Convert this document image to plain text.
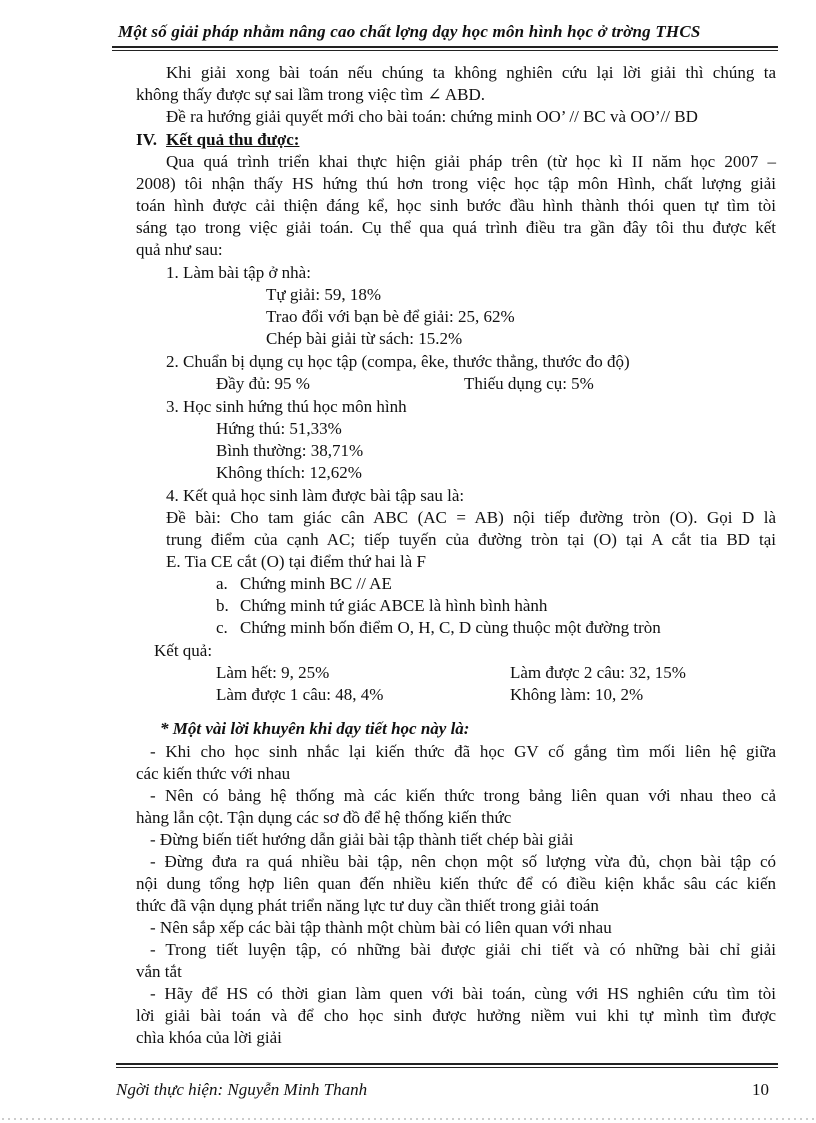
Một số giải pháp nhằm nâng cao chất lợng dạy học môn hình học ở trờng THCS
Khi giải xong bài toán nếu chúng ta không nghiên cứu lại lời giải thì chúng ta
không thấy được sự sai lầm trong việc tìm ∠ ABD.
Đề ra hướng giải quyết mới cho bài toán: chứng minh OO’ // BC và OO’// BD
IV. Kết quả thu được:
Qua quá trình triển khai thực hiện giải pháp trên (từ học kì II năm học 2007 –
2008) tôi nhận thấy HS hứng thú hơn trong việc học tập môn Hình, chất lượng giải
toán hình được cải thiện đáng kể, học sinh bước đầu hình thành thói quen tự tìm tòi
sáng tạo trong việc giải toán. Cụ thể qua quá trình điều tra gần đây tôi thu được kết
quả như sau:
1. Làm bài tập ở nhà:
Tự giải: 59, 18%
Trao đổi với bạn bè để giải: 25, 62%
Chép bài giải từ sách: 15.2%
2. Chuẩn bị dụng cụ học tập (compa, êke, thước thẳng, thước đo độ)
Đầy đủ: 95 %	Thiếu dụng cụ: 5%
3. Học sinh hứng thú học môn hình
Hứng thú: 51,33%
Bình thường: 38,71%
Không thích: 12,62%
4. Kết quả học sinh làm được bài tập sau là:
Đề bài: Cho tam giác cân ABC (AC = AB) nội tiếp đường tròn (O). Gọi D là
trung điểm của cạnh AC; tiếp tuyến của đường tròn tại (O) tại A cắt tia BD tại
E. Tia CE cắt (O) tại điểm thứ hai là F
a. Chứng minh BC // AE
b. Chứng minh tứ giác ABCE là hình bình hành
c. Chứng minh bốn điểm O, H, C, D cùng thuộc một đường tròn
Kết quả:
Làm hết: 9, 25%	Làm được 2 câu: 32, 15%
Làm được 1 câu: 48, 4%	Không làm: 10, 2%
* Một vài lời khuyên khi dạy tiết học này là:
- Khi cho học sinh nhắc lại kiến thức đã học GV cố gắng tìm mối liên hệ giữa
các kiến thức với nhau
- Nên có bảng hệ thống mà các kiến thức trong bảng liên quan với nhau theo cả
hàng lẫn cột. Tận dụng các sơ đồ để hệ thống kiến thức
- Đừng biến tiết hướng dẫn giải bài tập thành tiết chép bài giải
- Đừng đưa ra quá nhiều bài tập, nên chọn một số lượng vừa đủ, chọn bài tập có
nội dung tổng hợp liên quan đến nhiều kiến thức để có điều kiện khắc sâu các kiến
thức đã vận dụng phát triển năng lực tư duy cần thiết trong giải toán
- Nên sắp xếp các bài tập thành một chùm bài có liên quan với nhau
- Trong tiết luyện tập, có những bài được giải chi tiết và có những bài chỉ giải
vắn tắt
- Hãy để HS có thời gian làm quen với bài toán, cùng với HS nghiên cứu tìm tòi
lời giải bài toán và để cho học sinh được hưởng niềm vui khi tự mình tìm được
chìa khóa của lời giải
Ngời thực hiện: Nguyễn Minh Thanh	10
